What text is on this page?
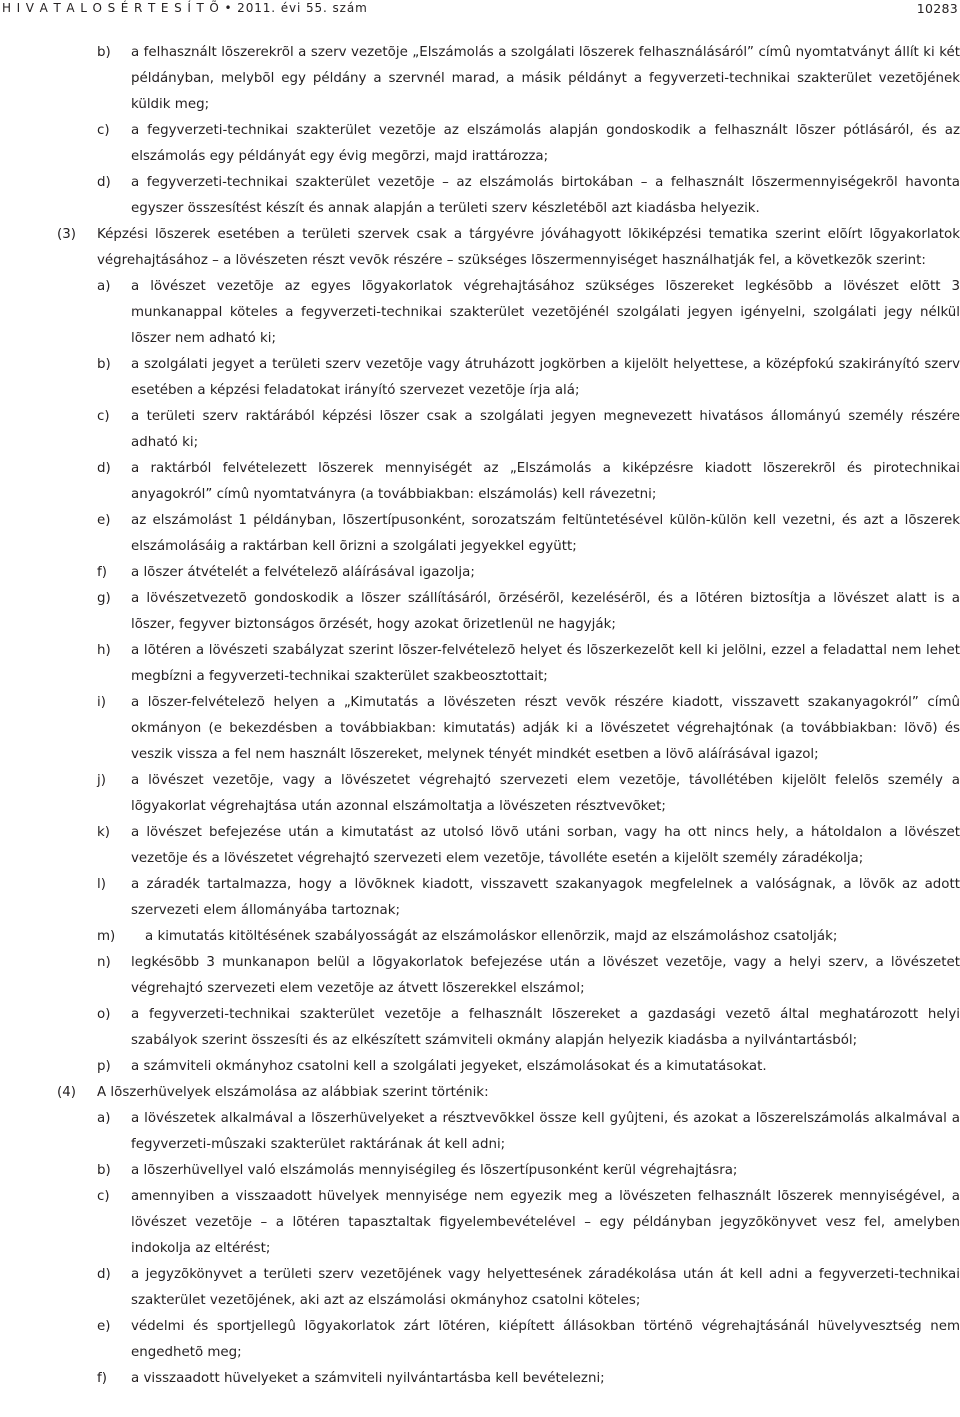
H I V A T A L O S É R T E S Í T Õ • 2011. évi 55. szám	10283
b) a felhasznált lõszerekrõl a szerv vezetõje „Elszámolás a szolgálati lõszerek felhasználásáról” címû nyomtatványt állít ki két példányban, melybõl egy példány a szervnél marad, a másik példányt a fegyverzeti-technikai szakterület vezetõjének küldik meg;
c) a fegyverzeti-technikai szakterület vezetõje az elszámolás alapján gondoskodik a felhasznált lõszer pótlásáról, és az elszámolás egy példányát egy évig megõrzi, majd irattározza;
d) a fegyverzeti-technikai szakterület vezetõje – az elszámolás birtokában – a felhasznált lõszermennyiségekrõl havonta egyszer összesítést készít és annak alapján a területi szerv készletébõl azt kiadásba helyezik.
(3) Képzési lõszerek esetében a területi szervek csak a tárgyévre jóváhagyott lõkiképzési tematika szerint elõírt lõgyakorlatok végrehajtásához – a lövészeten részt vevõk részére – szükséges lõszermennyiséget használhatják fel, a következõk szerint:
a) a lövészet vezetõje az egyes lõgyakorlatok végrehajtásához szükséges lõszereket legkésõbb a lövészet elõtt 3 munkanappal köteles a fegyverzeti-technikai szakterület vezetõjénél szolgálati jegyen igényelni, szolgálati jegy nélkül lõszer nem adható ki;
b) a szolgálati jegyet a területi szerv vezetõje vagy átruházott jogkörben a kijelölt helyettese, a középfokú szakirányító szerv esetében a képzési feladatokat irányító szervezet vezetõje írja alá;
c) a területi szerv raktárából képzési lõszer csak a szolgálati jegyen megnevezett hivatásos állományú személy részére adható ki;
d) a raktárból felvételezett lõszerek mennyiségét az „Elszámolás a kiképzésre kiadott lõszerekrõl és pirotechnikai anyagokról” címû nyomtatványra (a továbbiakban: elszámolás) kell rávezetni;
e) az elszámolást 1 példányban, lõszertípusonként, sorozatszám feltüntetésével külön-külön kell vezetni, és azt a lõszerek elszámolásáig a raktárban kell õrizni a szolgálati jegyekkel együtt;
f) a lõszer átvételét a felvételezõ aláírásával igazolja;
g) a lövészetvezetõ gondoskodik a lõszer szállításáról, õrzésérõl, kezelésérõl, és a lõtéren biztosítja a lövészet alatt is a lõszer, fegyver biztonságos õrzését, hogy azokat õrizetlenül ne hagyják;
h) a lõtéren a lövészeti szabályzat szerint lõszer-felvételezõ helyet és lõszerkezelõt kell ki jelölni, ezzel a feladattal nem lehet megbízni a fegyverzeti-technikai szakterület szakbeosztottait;
i) a lõszer-felvételezõ helyen a „Kimutatás a lövészeten részt vevõk részére kiadott, visszavett szakanyagokról” címû okmányon (e bekezdésben a továbbiakban: kimutatás) adják ki a lövészetet végrehajtónak (a továbbiakban: lövõ) és veszik vissza a fel nem használt lõszereket, melynek tényét mindkét esetben a lövõ aláírásával igazol;
j) a lövészet vezetõje, vagy a lövészetet végrehajtó szervezeti elem vezetõje, távollétében kijelölt felelõs személy a lõgyakorlat végrehajtása után azonnal elszámoltatja a lövészeten résztvevõket;
k) a lövészet befejezése után a kimutatást az utolsó lövõ utáni sorban, vagy ha ott nincs hely, a hátoldalon a lövészet vezetõje és a lövészetet végrehajtó szervezeti elem vezetõje, távolléte esetén a kijelölt személy záradékolja;
l) a záradék tartalmazza, hogy a lövõknek kiadott, visszavett szakanyagok megfelelnek a valóságnak, a lövõk az adott szervezeti elem állományába tartoznak;
m) a kimutatás kitöltésének szabályosságát az elszámoláskor ellenõrzik, majd az elszámoláshoz csatolják;
n) legkésõbb 3 munkanapon belül a lõgyakorlatok befejezése után a lövészet vezetõje, vagy a helyi szerv, a lövészetet végrehajtó szervezeti elem vezetõje az átvett lõszerekkel elszámol;
o) a fegyverzeti-technikai szakterület vezetõje a felhasznált lõszereket a gazdasági vezetõ által meghatározott helyi szabályok szerint összesíti és az elkészített számviteli okmány alapján helyezik kiadásba a nyilvántartásból;
p) a számviteli okmányhoz csatolni kell a szolgálati jegyeket, elszámolásokat és a kimutatásokat.
(4) A lõszerhüvelyek elszámolása az alábbiak szerint történik:
a) a lövészetek alkalmával a lõszerhüvelyeket a résztvevõkkel össze kell gyûjteni, és azokat a lõszerelszámolás alkalmával a fegyverzeti-mûszaki szakterület raktárának át kell adni;
b) a lõszerhüvellyel való elszámolás mennyiségileg és lõszertípusonként kerül végrehajtásra;
c) amennyiben a visszaadott hüvelyek mennyisége nem egyezik meg a lövészeten felhasznált lõszerek mennyiségével, a lövészet vezetõje – a lõtéren tapasztaltak figyelembevételével – egy példányban jegyzõkönyvet vesz fel, amelyben indokolja az eltérést;
d) a jegyzõkönyvet a területi szerv vezetõjének vagy helyettesének záradékolása után át kell adni a fegyverzeti-technikai szakterület vezetõjének, aki azt az elszámolási okmányhoz csatolni köteles;
e) védelmi és sportjellegû lõgyakorlatok zárt lõtéren, kiépített állásokban történõ végrehajtásánál hüvelyvesztség nem engedhetõ meg;
f) a visszaadott hüvelyeket a számviteli nyilvántartásba kell bevételezni;
